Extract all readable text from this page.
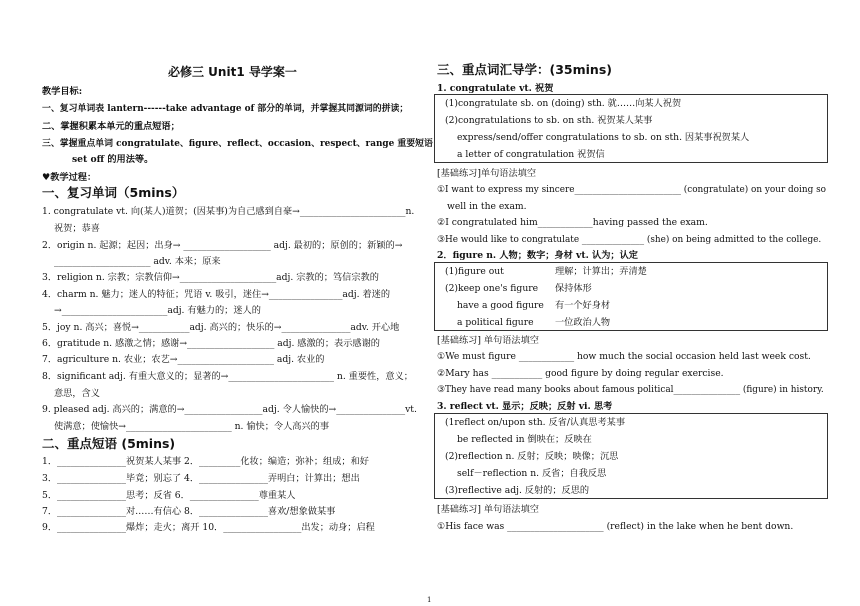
必修三 Unit1 导学案一
教学目标:
一、复习单词表 lantern------take advantage of 部分的单词，并掌握其同源词的拼读；
二、掌握积累本单元的重点短语；
三、掌握重点单词 congratulate、figure、reflect、occasion、respect、range 重要短语
set off 的用法等。
♥教学过程：
一、复习单词（5mins）
1. congratulate vt. 向(某人)道贺；(因某事)为自己感到自豪→_______________________n.
祝贺；恭喜
2．origin n. 起源；起因；出身→ ___________________ adj. 最初的；原创的；新颖的→
_____________________ adv. 本来；原来
3．religion n. 宗教；宗教信仰→_____________________adj. 宗教的；笃信宗教的
4．charm n. 魅力；迷人的特征；咒语 v. 吸引，迷住→________________adj. 着迷的
→_______________________adj. 有魅力的；迷人的
5．joy n. 高兴；喜悦→___________adj. 高兴的；快乐的→_______________adv. 开心地
6．gratitude n. 感激之情；感谢→___________________ adj. 感激的；表示感谢的
7．agriculture n. 农业；农艺→_____________________ adj. 农业的
8．significant adj. 有重大意义的；显著的→_______________________ n. 重要性，意义；
意思，含义
9. pleased adj. 高兴的；满意的→_________________adj. 令人愉快的→_______________vt.
使满意；使愉快→_______________________ n. 愉快；令人高兴的事
二、重点短语 (5mins)
1．_______________祝贺某人某事 2．_________化妆；编造；弥补；组成；和好
3．_______________毕竟；别忘了 4．_______________弄明白；计算出；想出
5．_______________思考；反省 6．_______________尊重某人
7．_______________对……有信心 8．_______________喜欢/想象做某事
9．_______________爆炸；走火；离开 10．_________________出发；动身；启程
三、重点词汇导学：(35mins)
1. congratulate vt. 祝贺
(1)congratulate sb. on (doing) sth. 就……向某人祝贺
(2)congratulations to sb. on sth. 祝贺某人某事
express/send/offer congratulations to sb. on sth. 因某事祝贺某人
a letter of congratulation 祝贺信
[基础练习]单句语法填空
①I want to express my sincere________________________ (congratulate) on your doing so
well in the exam.
②I congratulated him____________having passed the exam.
③He would like to congratulate ______________ (she) on being admitted to the college.
2．figure n. 人物；数字；身材 vt. 认为；认定
(1)figure out	理解；计算出；弄清楚
(2)keep one's figure 保持体形
have a good figure 有一个好身材
a political figure 一位政治人物
[基础练习] 单句语法填空
①We must figure ____________ how much the social occasion held last week cost.
②Mary has ___________ good figure by doing regular exercise.
③They have read many books about famous political_______________ (figure) in history.
3. reflect vt. 显示；反映；反射 vi. 思考
(1reflect on/upon sth. 反省/认真思考某事
be reflected in 倒映在；反映在
(2)reflection n. 反射；反映；映像；沉思
self－reflection n. 反省；自我反思
(3)reflective adj. 反射的；反思的
[基础练习] 单句语法填空
①His face was _____________________ (reflect) in the lake when he bent down.
1
